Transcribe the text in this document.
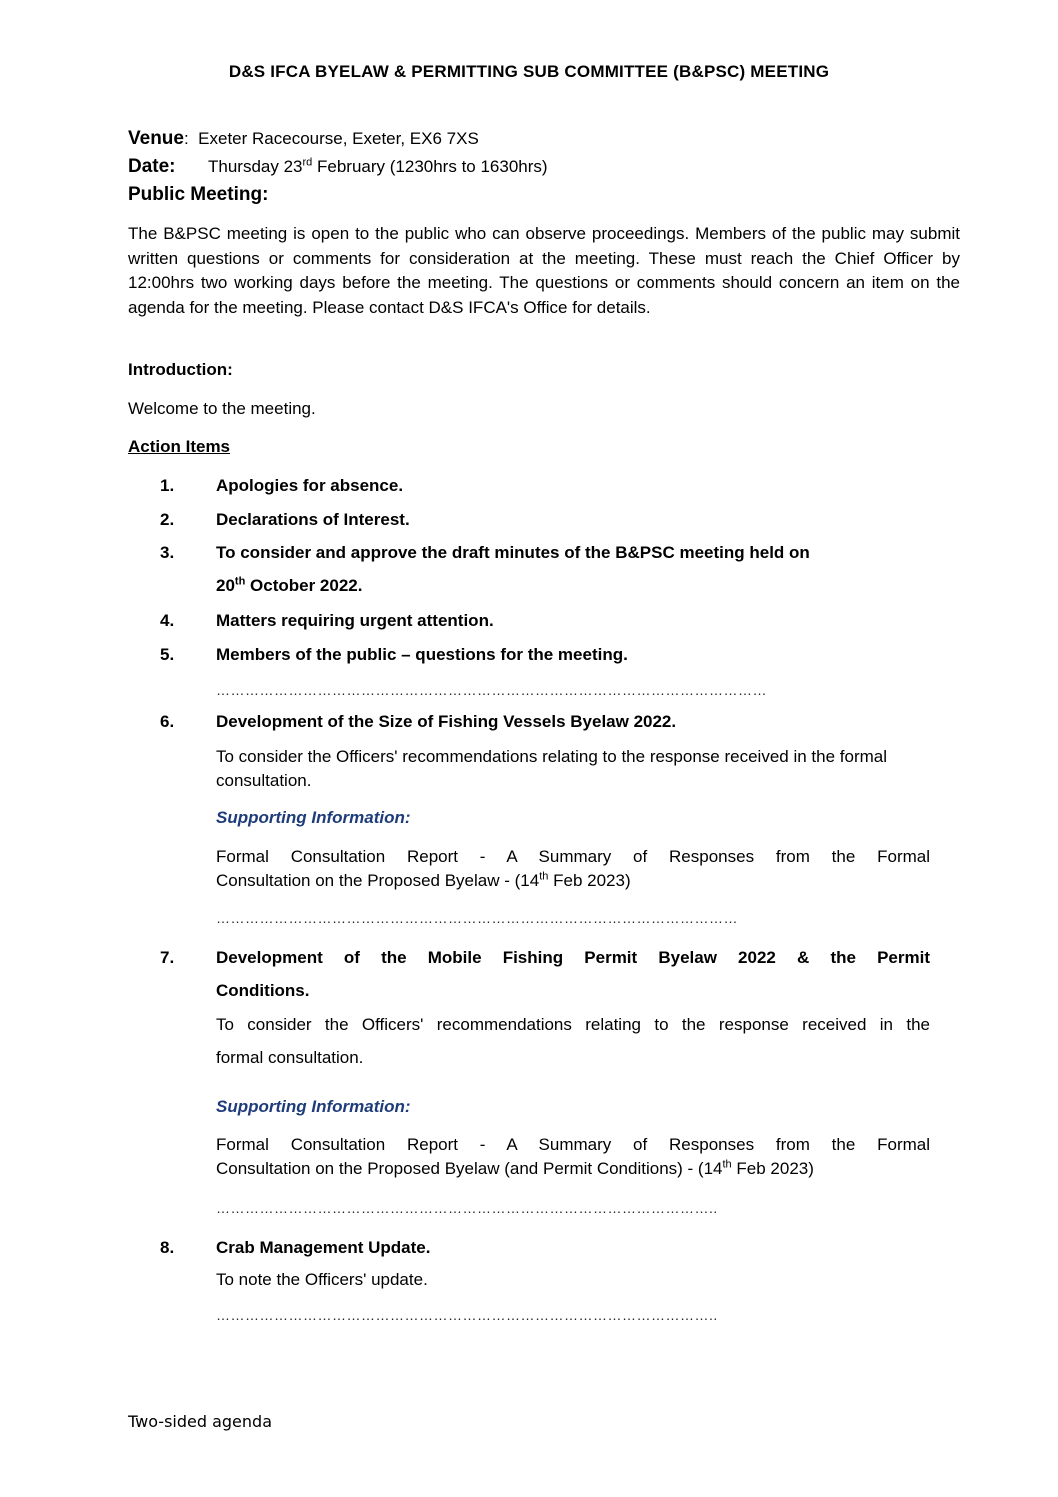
D&S IFCA BYELAW & PERMITTING SUB COMMITTEE (B&PSC) MEETING
Venue:  Exeter Racecourse, Exeter, EX6 7XS
Date: Thursday 23rd February (1230hrs to 1630hrs)
Public Meeting:
The B&PSC meeting is open to the public who can observe proceedings. Members of the public may submit written questions or comments for consideration at the meeting. These must reach the Chief Officer by 12:00hrs two working days before the meeting. The questions or comments should concern an item on the agenda for the meeting. Please contact D&S IFCA's Office for details.
Introduction:
Welcome to the meeting.
Action Items
1. Apologies for absence.
2. Declarations of Interest.
3. To consider and approve the draft minutes of the B&PSC meeting held on
20th October 2022.
4. Matters requiring urgent attention.
5. Members of the public – questions for the meeting.
……………………………………………………………………………………………………
6. Development of the Size of Fishing Vessels Byelaw 2022.
To consider the Officers' recommendations relating to the response received in the formal consultation.
Supporting Information:
Formal Consultation Report - A Summary of Responses from the Formal
Consultation on the Proposed Byelaw - (14th Feb 2023)
………………………………………………………………………………………………
7. Development of the Mobile Fishing Permit Byelaw 2022 & the Permit
Conditions.
To consider the Officers' recommendations relating to the response received in the
formal consultation.
Supporting Information:
Formal Consultation Report - A Summary of Responses from the Formal
Consultation on the Proposed Byelaw (and Permit Conditions) - (14th Feb 2023)
…………………………………………………………………………………………..
8. Crab Management Update.
To note the Officers' update.
…………………………………………………………………………………………..
Two-sided agenda
